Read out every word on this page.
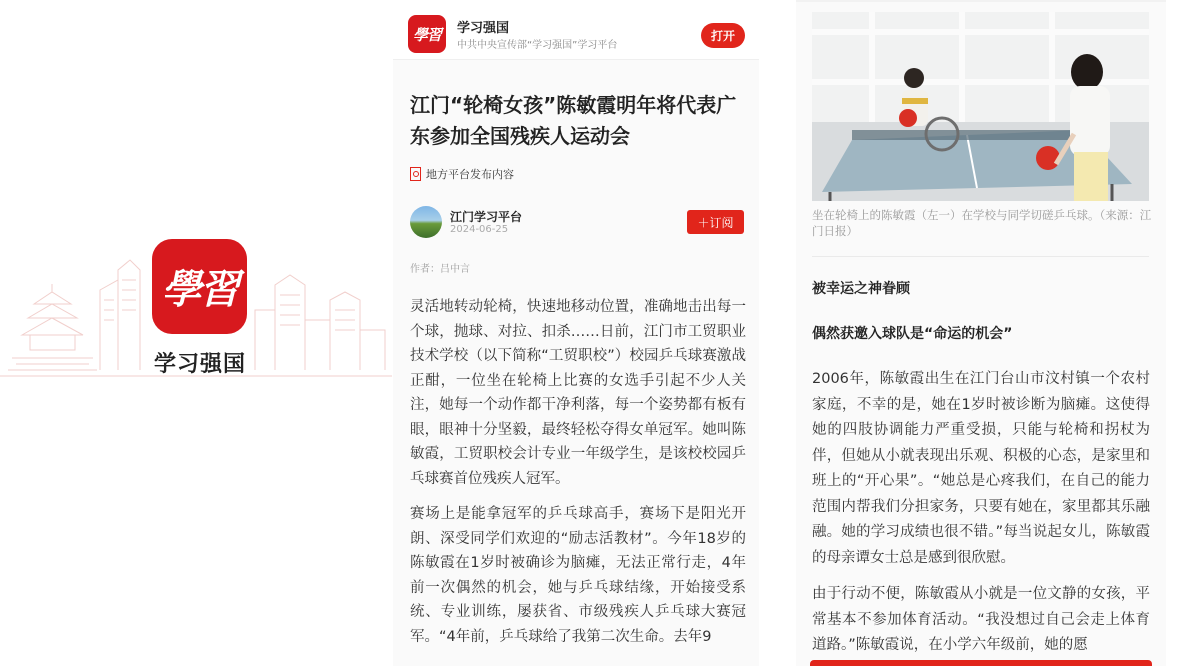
學習
学习强国
學習 学习强国
中共中央宣传部“学习强国”学习平台
打开
江门“轮椅女孩”陈敏霞明年将代表广东参加全国残疾人运动会
地方平台发布内容
江门学习平台
2024-06-25	＋订阅
作者：吕中言

灵活地转动轮椅，快速地移动位置，准确地击出每一个球，抛球、对拉、扣杀……日前，江门市工贸职业技术学校（以下简称“工贸职校”）校园乒乓球赛激战正酣，一位坐在轮椅上比赛的女选手引起不少人关注，她每一个动作都干净利落，每一个姿势都有板有眼，眼神十分坚毅，最终轻松夺得女单冠军。她叫陈敏霞，工贸职校会计专业一年级学生，是该校校园乒乓球赛首位残疾人冠军。

赛场上是能拿冠军的乒乓球高手，赛场下是阳光开朗、深受同学们欢迎的“励志活教材”。今年18岁的陈敏霞在1岁时被确诊为脑瘫，无法正常行走，4年前一次偶然的机会，她与乒乓球结缘，开始接受系统、专业训练，屡获省、市级残疾人乒乓球大赛冠军。“4年前，乒乓球给了我第二次生命。去年9

坐在轮椅上的陈敏霞（左一）在学校与同学切磋乒乓球。（来源：江门日报）
被幸运之神眷顾
偶然获邀入球队是“命运的机会”

2006年，陈敏霞出生在江门台山市汶村镇一个农村家庭，不幸的是，她在1岁时被诊断为脑瘫。这使得她的四肢协调能力严重受损，只能与轮椅和拐杖为伴，但她从小就表现出乐观、积极的心态，是家里和班上的“开心果”。“她总是心疼我们，在自己的能力范围内帮我们分担家务，只要有她在，家里都其乐融融。她的学习成绩也很不错。”每当说起女儿，陈敏霞的母亲谭女士总是感到很欣慰。

由于行动不便，陈敏霞从小就是一位文静的女孩，平常基本不参加体育活动。“我没想过自己会走上体育道路。”陈敏霞说，在小学六年级前，她的愿
